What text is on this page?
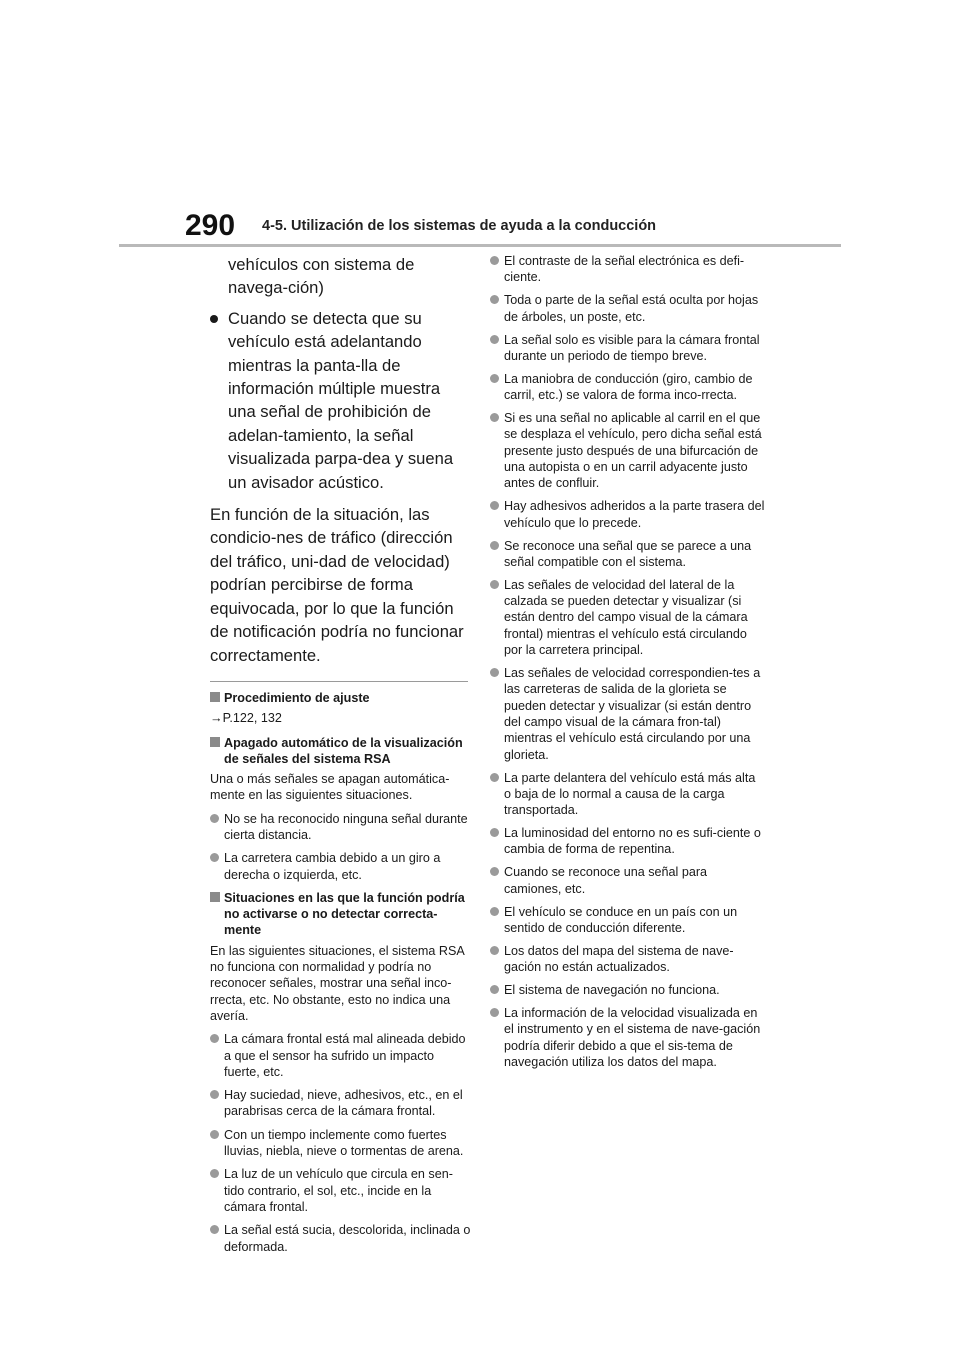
290 4-5. Utilización de los sistemas de ayuda a la conducción
vehículos con sistema de navega-ción)
Cuando se detecta que su vehículo está adelantando mientras la panta-lla de información múltiple muestra una señal de prohibición de adelan-tamiento, la señal visualizada parpa-dea y suena un avisador acústico.
En función de la situación, las condicio-nes de tráfico (dirección del tráfico, uni-dad de velocidad) podrían percibirse de forma equivocada, por lo que la función de notificación podría no funcionar correctamente.
Procedimiento de ajuste
→P.122, 132
Apagado automático de la visualización de señales del sistema RSA
Una o más señales se apagan automática-mente en las siguientes situaciones.
No se ha reconocido ninguna señal durante cierta distancia.
La carretera cambia debido a un giro a derecha o izquierda, etc.
Situaciones en las que la función podría no activarse o no detectar correcta-mente
En las siguientes situaciones, el sistema RSA no funciona con normalidad y podría no reconocer señales, mostrar una señal inco-rrecta, etc. No obstante, esto no indica una avería.
La cámara frontal está mal alineada debido a que el sensor ha sufrido un impacto fuerte, etc.
Hay suciedad, nieve, adhesivos, etc., en el parabrisas cerca de la cámara frontal.
Con un tiempo inclemente como fuertes lluvias, niebla, nieve o tormentas de arena.
La luz de un vehículo que circula en sen-tido contrario, el sol, etc., incide en la cámara frontal.
La señal está sucia, descolorida, inclinada o deformada.
El contraste de la señal electrónica es defi-ciente.
Toda o parte de la señal está oculta por hojas de árboles, un poste, etc.
La señal solo es visible para la cámara frontal durante un periodo de tiempo breve.
La maniobra de conducción (giro, cambio de carril, etc.) se valora de forma inco-rrecta.
Si es una señal no aplicable al carril en el que se desplaza el vehículo, pero dicha señal está presente justo después de una bifurcación de una autopista o en un carril adyacente justo antes de confluir.
Hay adhesivos adheridos a la parte trasera del vehículo que lo precede.
Se reconoce una señal que se parece a una señal compatible con el sistema.
Las señales de velocidad del lateral de la calzada se pueden detectar y visualizar (si están dentro del campo visual de la cámara frontal) mientras el vehículo está circulando por la carretera principal.
Las señales de velocidad correspondien-tes a las carreteras de salida de la glorieta se pueden detectar y visualizar (si están dentro del campo visual de la cámara fron-tal) mientras el vehículo está circulando por una glorieta.
La parte delantera del vehículo está más alta o baja de lo normal a causa de la carga transportada.
La luminosidad del entorno no es sufi-ciente o cambia de forma de repentina.
Cuando se reconoce una señal para camiones, etc.
El vehículo se conduce en un país con un sentido de conducción diferente.
Los datos del mapa del sistema de nave-gación no están actualizados.
El sistema de navegación no funciona.
La información de la velocidad visualizada en el instrumento y en el sistema de nave-gación podría diferir debido a que el sis-tema de navegación utiliza los datos del mapa.
